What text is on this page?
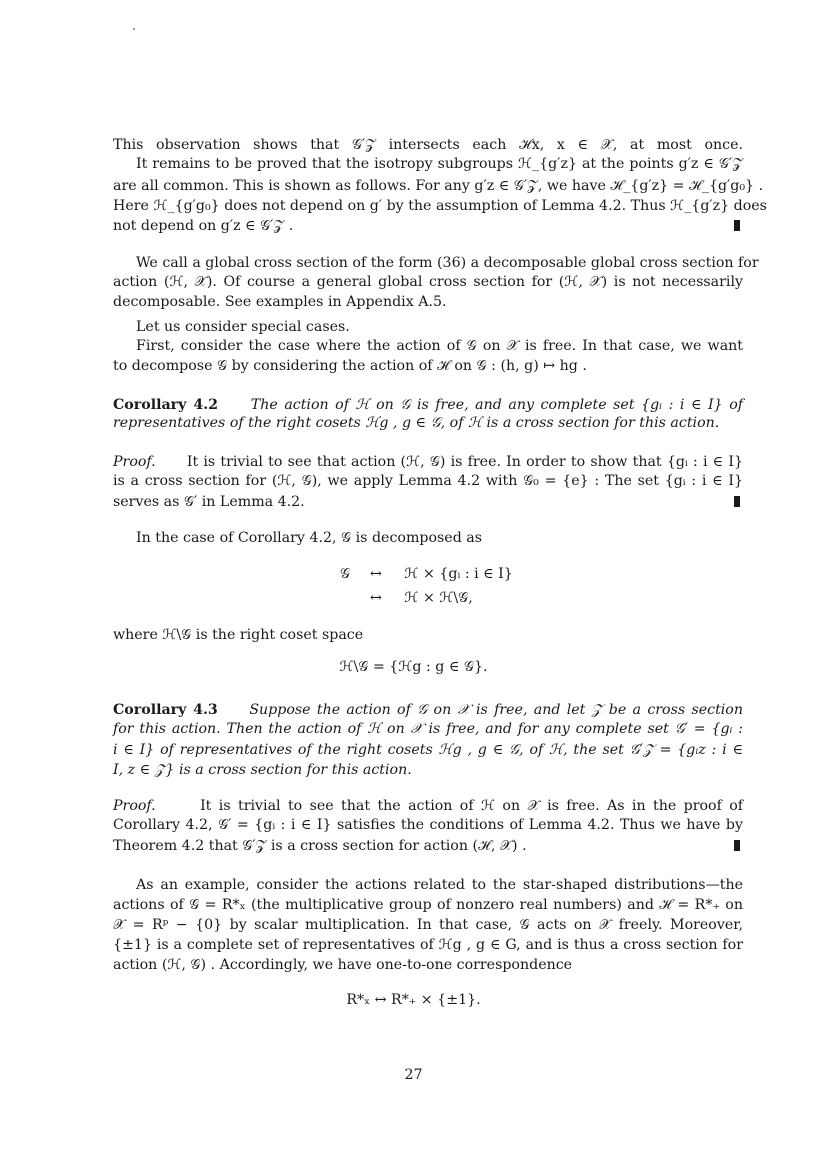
This observation shows that 𝒢′𝒵 intersects each ℋx, x ∈ 𝒳, at most once.
It remains to be proved that the isotropy subgroups ℋ_{g′z} at the points g′z ∈ 𝒢′𝒵
are all common. This is shown as follows. For any g′z ∈ 𝒢′𝒵, we have ℋ_{g′z} = ℋ_{g′g₀} .
Here ℋ_{g′g₀} does not depend on g′ by the assumption of Lemma 4.2. Thus ℋ_{g′z} does
not depend on g′z ∈ 𝒢′𝒵 .
We call a global cross section of the form (36) a decomposable global cross section for
action (ℋ, 𝒳). Of course a general global cross section for (ℋ, 𝒳) is not necessarily
decomposable. See examples in Appendix A.5.
Let us consider special cases.
First, consider the case where the action of 𝒢 on 𝒳 is free. In that case, we want
to decompose 𝒢 by considering the action of ℋ on 𝒢 : (h, g) ↦ hg .
Corollary 4.2 The action of ℋ on 𝒢 is free, and any complete set {gᵢ : i ∈ I} of
representatives of the right cosets ℋg , g ∈ 𝒢, of ℋ is a cross section for this action.
Proof. It is trivial to see that action (ℋ, 𝒢) is free. In order to show that {gᵢ : i ∈ I}
is a cross section for (ℋ, 𝒢), we apply Lemma 4.2 with 𝒢₀ = {e} : The set {gᵢ : i ∈ I}
serves as 𝒢′ in Lemma 4.2.
In the case of Corollary 4.2, 𝒢 is decomposed as
𝒢 ↔     ℋ × {gᵢ : i ∈ I}
↔     ℋ × ℋ\𝒢,
where ℋ\𝒢 is the right coset space
ℋ\𝒢 = {ℋg : g ∈ 𝒢}.
Corollary 4.3 Suppose the action of 𝒢 on 𝒳 is free, and let 𝒵 be a cross section
for this action. Then the action of ℋ on 𝒳 is free, and for any complete set 𝒢′ = {gᵢ :
i ∈ I} of representatives of the right cosets ℋg , g ∈ 𝒢, of ℋ, the set 𝒢′𝒵 = {gᵢz : i ∈
I, z ∈ 𝒵} is a cross section for this action.
Proof.	It is trivial to see that the action of ℋ on 𝒳 is free. As in the proof of
Corollary 4.2, 𝒢′ = {gᵢ : i ∈ I} satisfies the conditions of Lemma 4.2. Thus we have by
Theorem 4.2 that 𝒢′𝒵 is a cross section for action (ℋ, 𝒳) .
As an example, consider the actions related to the star-shaped distributions—the
actions of 𝒢 = R*ₓ (the multiplicative group of nonzero real numbers) and ℋ = R*₊ on
𝒳 = Rᵖ − {0} by scalar multiplication. In that case, 𝒢 acts on 𝒳 freely. Moreover,
{±1} is a complete set of representatives of ℋg , g ∈ G, and is thus a cross section for
action (ℋ, 𝒢) . Accordingly, we have one-to-one correspondence
R*ₓ ↔ R*₊ × {±1}.
27
